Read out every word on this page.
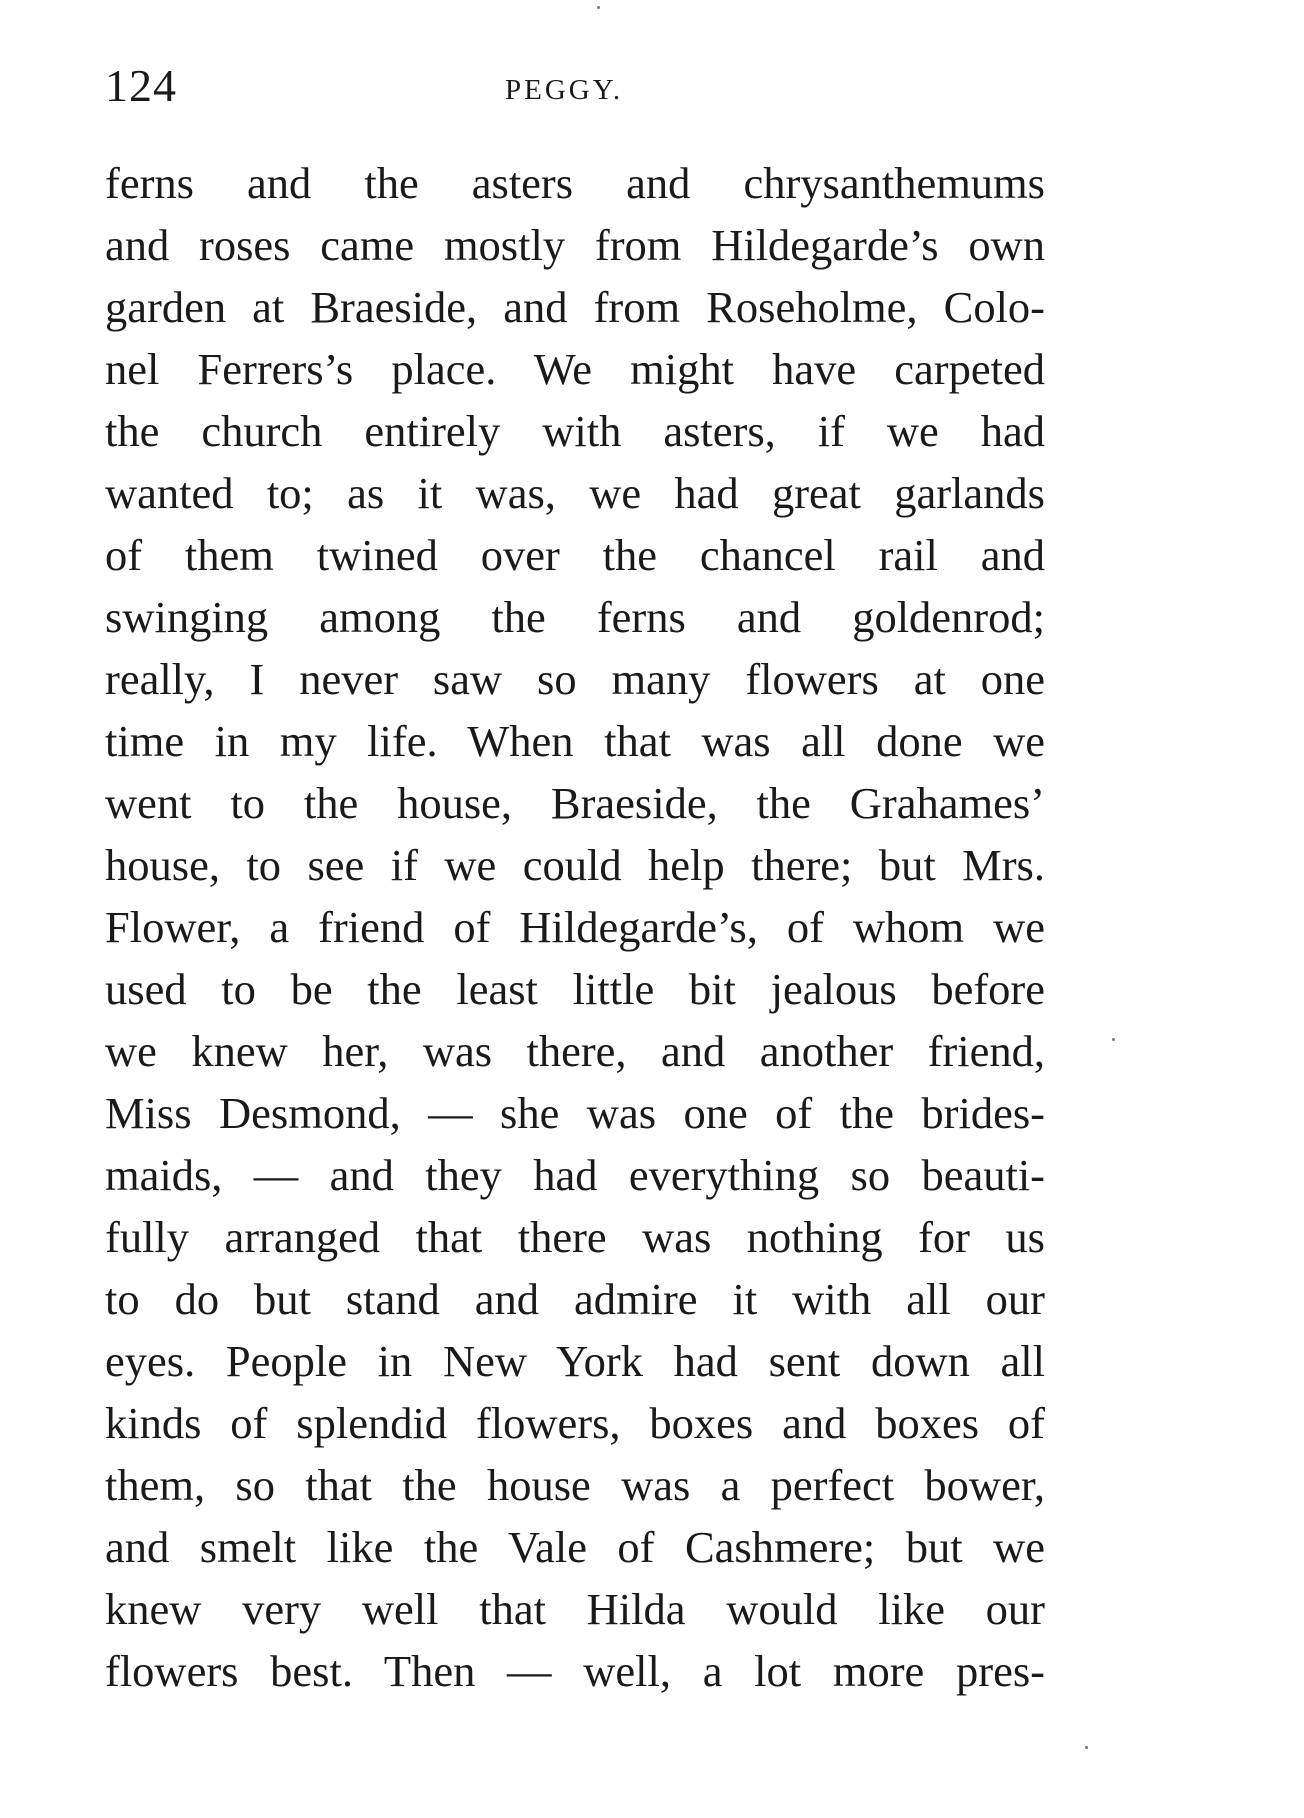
124	PEGGY.
ferns and the asters and chrysanthemums
and roses came mostly from Hildegarde’s own
garden at Braeside, and from Roseholme, Colo-
nel Ferrers’s place. We might have carpeted
the church entirely with asters, if we had
wanted to; as it was, we had great garlands
of them twined over the chancel rail and
swinging among the ferns and goldenrod;
really, I never saw so many flowers at one
time in my life. When that was all done we
went to the house, Braeside, the Grahames’
house, to see if we could help there; but Mrs.
Flower, a friend of Hildegarde’s, of whom we
used to be the least little bit jealous before
we knew her, was there, and another friend,
Miss Desmond, — she was one of the brides-
maids, — and they had everything so beauti-
fully arranged that there was nothing for us
to do but stand and admire it with all our
eyes. People in New York had sent down all
kinds of splendid flowers, boxes and boxes of
them, so that the house was a perfect bower,
and smelt like the Vale of Cashmere; but we
knew very well that Hilda would like our
flowers best. Then — well, a lot more pres-
